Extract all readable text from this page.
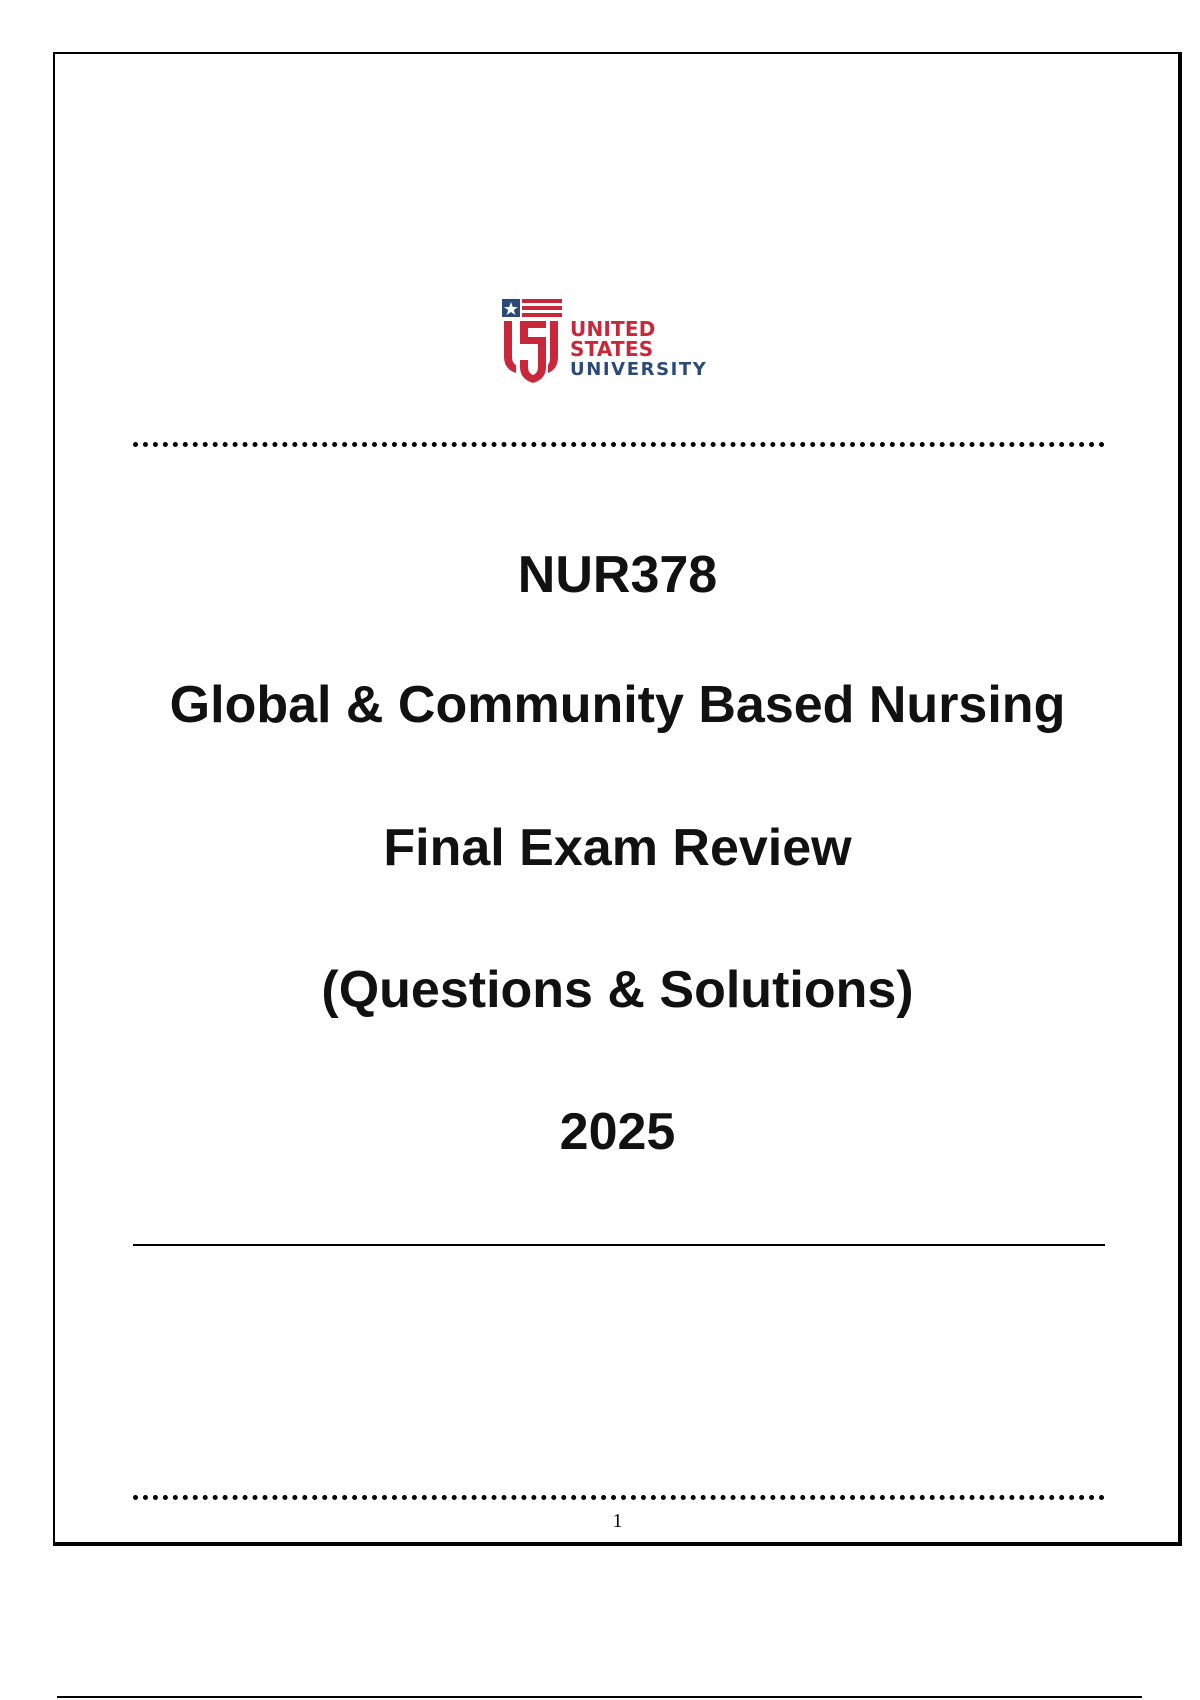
UNITED STATES
UNIVERSITY
NUR378
Global & Community Based Nursing
Final Exam Review
(Questions & Solutions)
2025
1
